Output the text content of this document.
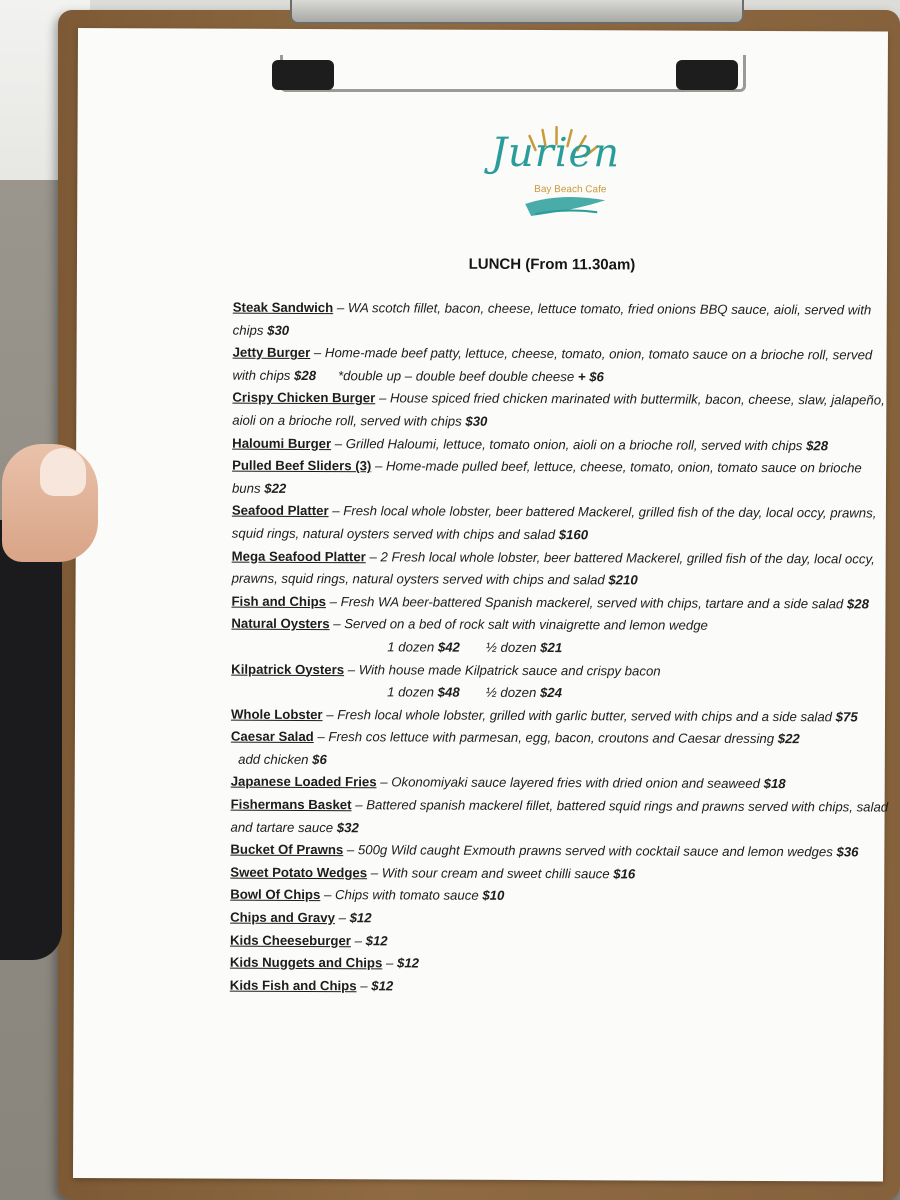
Jurien
Bay Beach Cafe
LUNCH (From 11.30am)
Steak Sandwich – WA scotch fillet, bacon, cheese, lettuce tomato, fried onions BBQ sauce, aioli, served with chips $30
Jetty Burger – Home-made beef patty, lettuce, cheese, tomato, onion, tomato sauce on a brioche roll, served with chips $28      *double up – double beef double cheese + $6
Crispy Chicken Burger – House spiced fried chicken marinated with buttermilk, bacon, cheese, slaw, jalapeño, aioli on a brioche roll, served with chips $30
Haloumi Burger – Grilled Haloumi, lettuce, tomato onion, aioli on a brioche roll, served with chips $28
Pulled Beef Sliders (3) – Home-made pulled beef, lettuce, cheese, tomato, onion, tomato sauce on brioche buns $22
Seafood Platter – Fresh local whole lobster, beer battered Mackerel, grilled fish of the day, local occy, prawns, squid rings, natural oysters served with chips and salad $160
Mega Seafood Platter – 2 Fresh local whole lobster, beer battered Mackerel, grilled fish of the day, local occy, prawns, squid rings, natural oysters served with chips and salad $210
Fish and Chips – Fresh WA beer-battered Spanish mackerel, served with chips, tartare and a side salad $28
Natural Oysters – Served on a bed of rock salt with vinaigrette and lemon wedge
1 dozen $42 ½ dozen $21
Kilpatrick Oysters – With house made Kilpatrick sauce and crispy bacon
1 dozen $48 ½ dozen $24
Whole Lobster – Fresh local whole lobster, grilled with garlic butter, served with chips and a side salad $75
Caesar Salad – Fresh cos lettuce with parmesan, egg, bacon, croutons and Caesar dressing $22  add chicken $6
Japanese Loaded Fries – Okonomiyaki sauce layered fries with dried onion and seaweed $18
Fishermans Basket – Battered spanish mackerel fillet, battered squid rings and prawns served with chips, salad and tartare sauce $32
Bucket Of Prawns – 500g Wild caught Exmouth prawns served with cocktail sauce and lemon wedges $36
Sweet Potato Wedges – With sour cream and sweet chilli sauce $16
Bowl Of Chips – Chips with tomato sauce $10
Chips and Gravy – $12
Kids Cheeseburger – $12
Kids Nuggets and Chips – $12
Kids Fish and Chips – $12
